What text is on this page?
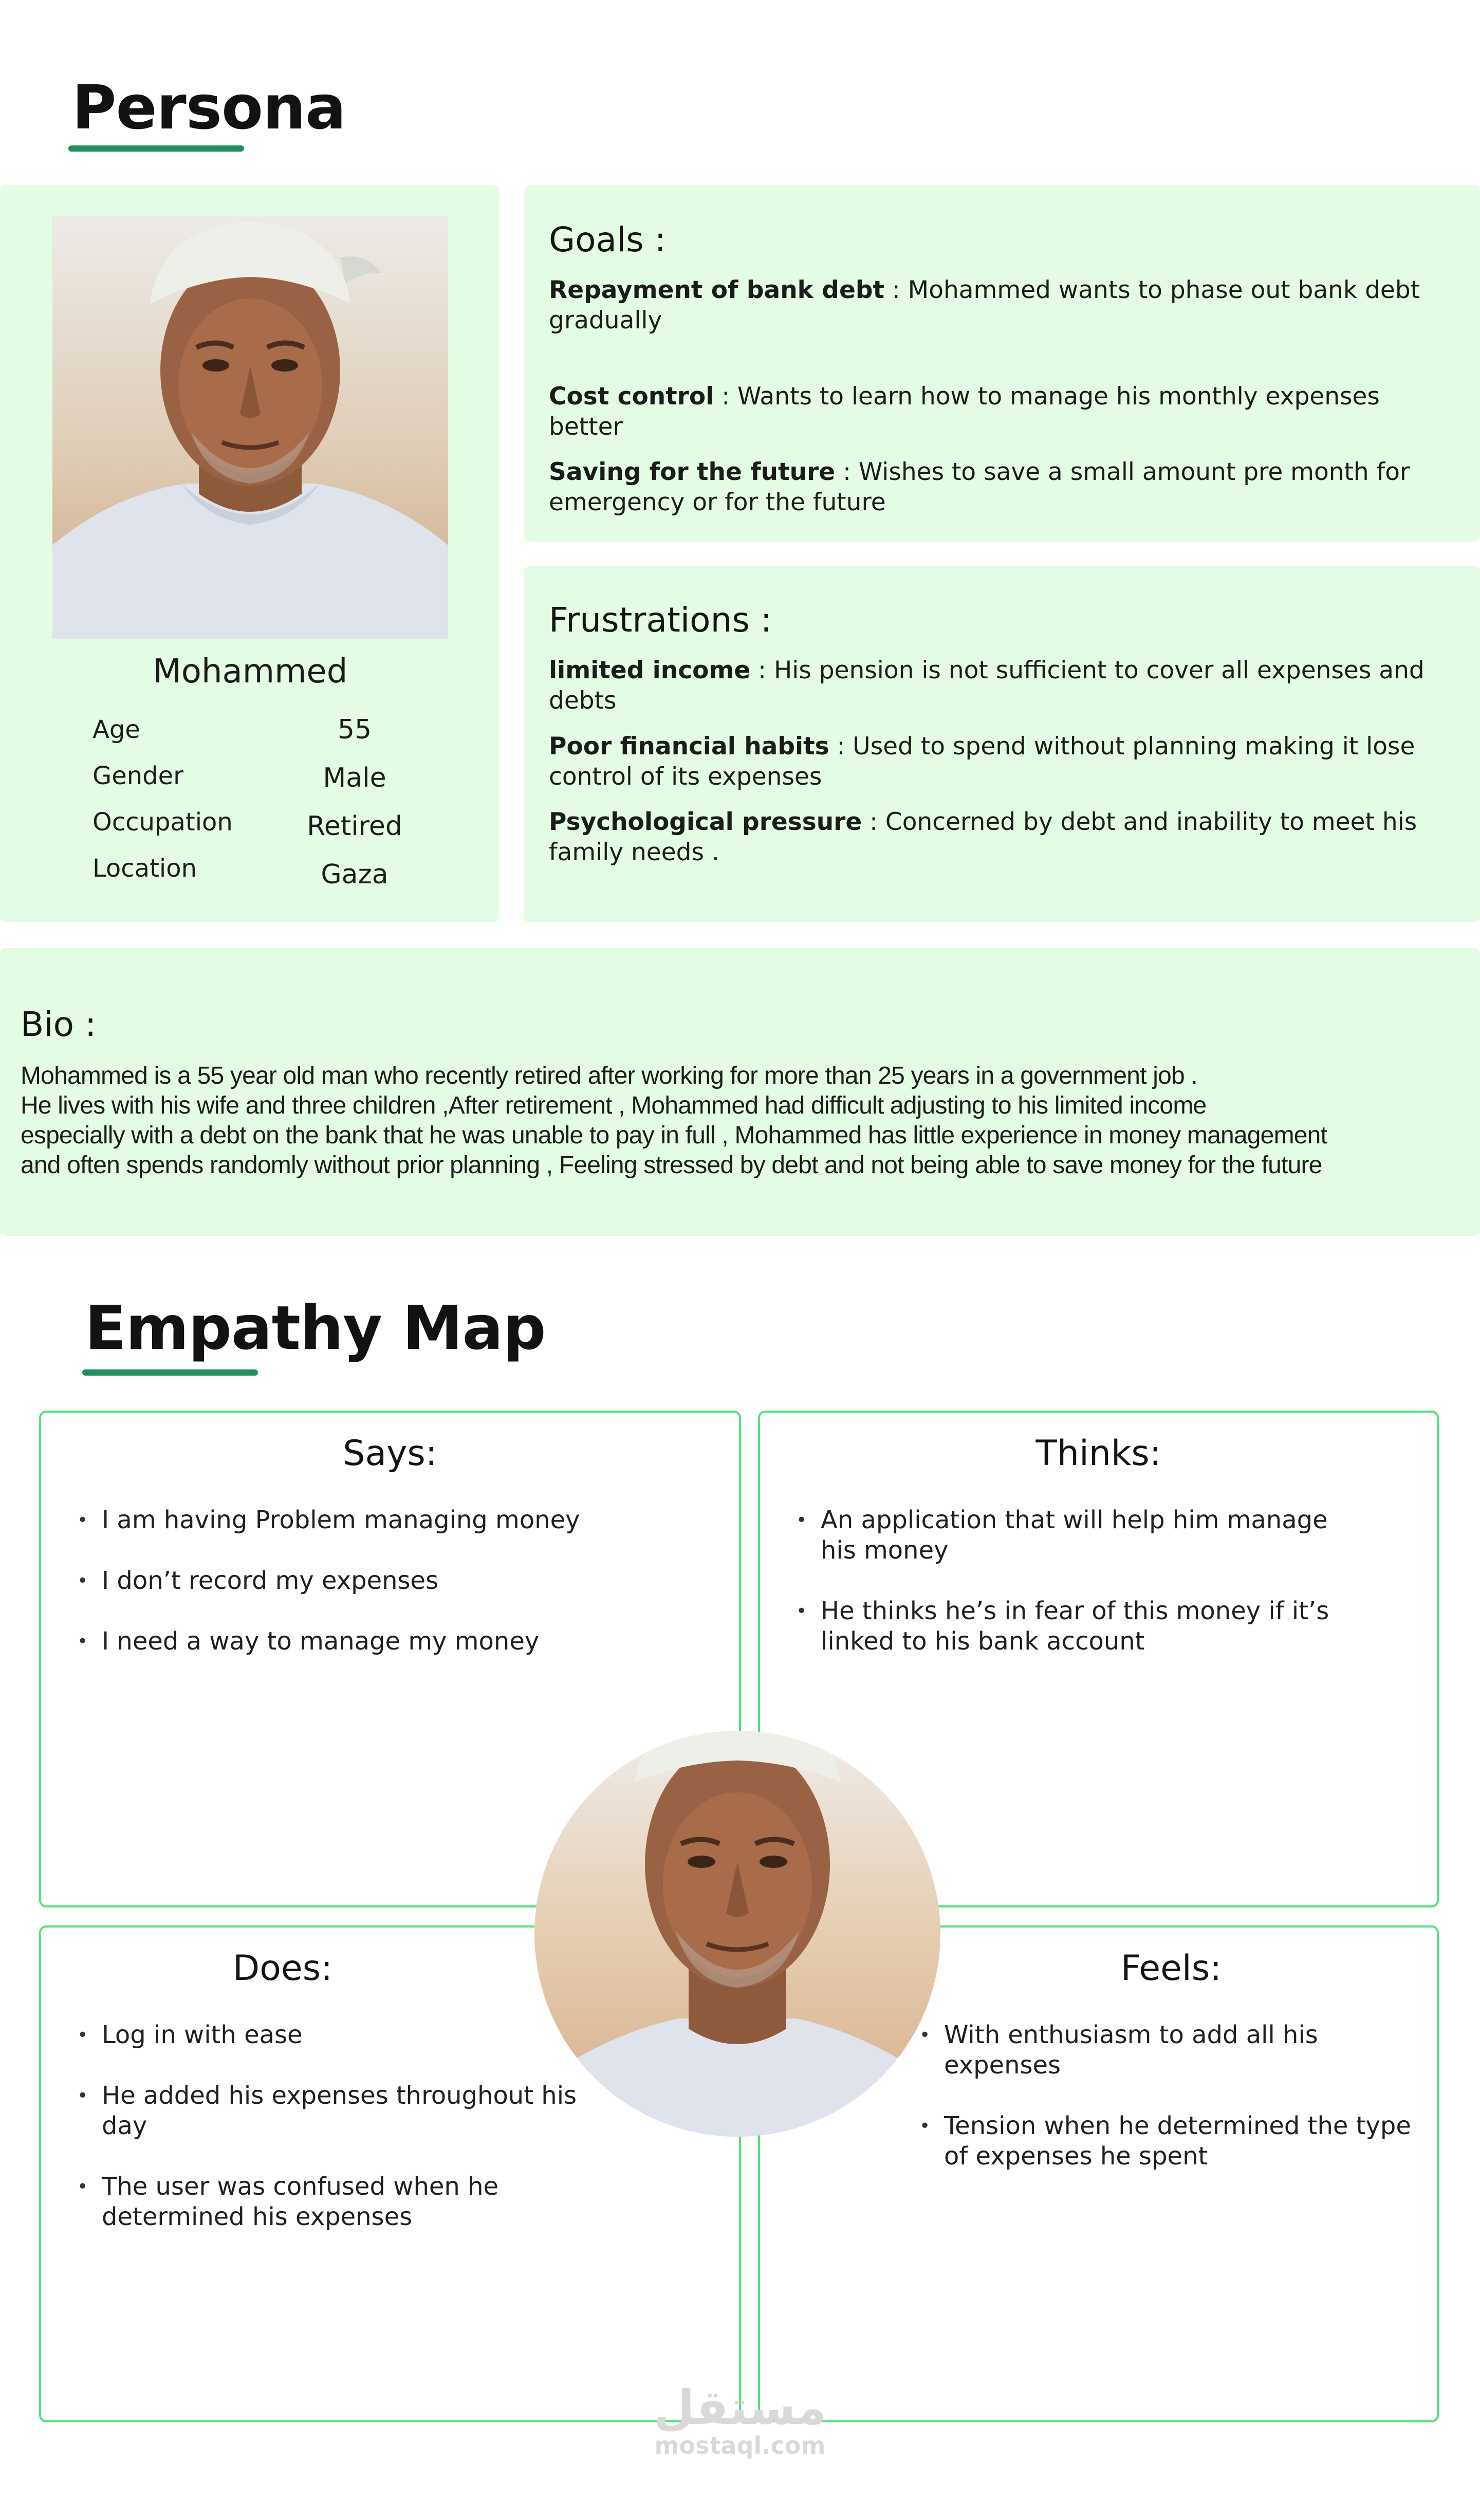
Persona
Mohammed
Age	55
Gender	Male
Occupation	Retired
Location	Gaza
Goals :
Repayment of bank debt : Mohammed wants to phase out bank debt
gradually
Cost control : Wants to learn how to manage his monthly expenses better
Saving for the future : Wishes to save a small amount pre month for emergency or for the future
Frustrations :
limited income : His pension is not sufficient to cover all expenses and debts
Poor financial habits : Used to spend without planning making it lose control of its expenses
Psychological pressure : Concerned by debt and inability to meet his family needs .
Bio :
Mohammed is a 55 year old man who recently retired after working for more than 25 years in a government job .
He lives with his wife and three children ,After retirement , Mohammed had difficult adjusting to his limited income
especially with a debt on the bank that he was unable to pay in full , Mohammed has little experience in money management
and often spends randomly without prior planning , Feeling stressed by debt and not being able to save money for the future
Empathy Map
Says:
• I am having Problem managing money
• I don’t record my expenses
• I need a way to manage my money
Thinks:
• An application that will help him manage his money
• He thinks he’s in fear of this money if it’s linked to his bank account
Does:
• Log in with ease
• He added his expenses throughout his day
• The user was confused when he determined his expenses
Feels:
• With enthusiasm to add all his expenses
• Tension when he determined the type of expenses he spent
مستقل
mostaql.com
